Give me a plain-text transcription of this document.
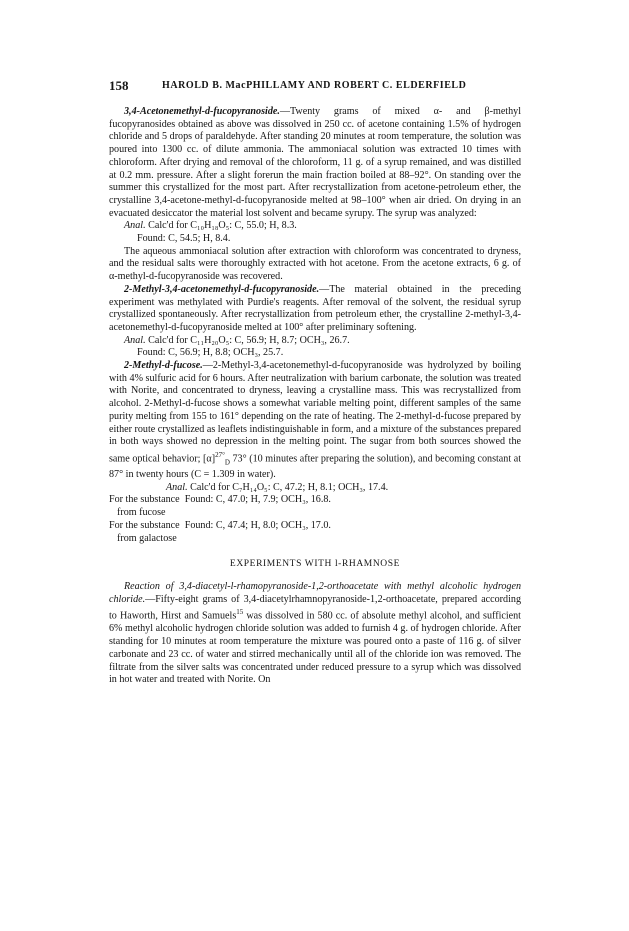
158	HAROLD B. MacPHILLAMY AND ROBERT C. ELDERFIELD

3,4-Acetonemethyl-d-fucopyranoside.—Twenty grams of mixed α- and β-methyl fucopyranosides obtained as above was dissolved in 250 cc. of acetone containing 1.5% of hydrogen chloride and 5 drops of paraldehyde. After standing 20 minutes at room temperature, the solution was poured into 1300 cc. of dilute ammonia. The ammoniacal solution was extracted 10 times with chloroform. After drying and removal of the chloroform, 11 g. of a syrup remained, and was distilled at 0.2 mm. pressure. After a slight forerun the main fraction boiled at 88–92°. On standing over the summer this crystallized for the most part. After recrystallization from acetone-petroleum ether, the crystalline 3,4-acetone-methyl-d-fucopyranoside melted at 98–100° when air dried. On drying in an evacuated desiccator the material lost solvent and became syrupy. The syrup was analyzed:

Anal. Calc'd for C₁₀H₁₈O₅: C, 55.0; H, 8.3.

Found: C, 54.5; H, 8.4.

The aqueous ammoniacal solution after extraction with chloroform was concentrated to dryness, and the residual salts were thoroughly extracted with hot acetone. From the acetone extracts, 6 g. of α-methyl-d-fucopyranoside was recovered.

2-Methyl-3,4-acetonemethyl-d-fucopyranoside.—The material obtained in the preceding experiment was methylated with Purdie's reagents. After removal of the solvent, the residual syrup crystallized spontaneously. After recrystallization from petroleum ether, the crystalline 2-methyl-3,4-acetonemethyl-d-fucopyranoside melted at 100° after preliminary softening.

Anal. Calc'd for C₁₁H₂₀O₅: C, 56.9; H, 8.7; OCH₃, 26.7.

Found: C, 56.9; H, 8.8; OCH₃, 25.7.

2-Methyl-d-fucose.—2-Methyl-3,4-acetonemethyl-d-fucopyranoside was hydrolyzed by boiling with 4% sulfuric acid for 6 hours. After neutralization with barium carbonate, the solution was treated with Norite, and concentrated to dryness, leaving a crystalline mass. This was recrystallized from alcohol. 2-Methyl-d-fucose shows a somewhat variable melting point, different samples of the same purity melting from 155 to 161° depending on the rate of heating. The 2-methyl-d-fucose prepared by either route crystallized as leaflets indistinguishable in form, and a mixture of the substances prepared in both ways showed no depression in the melting point. The sugar from both sources showed the same optical behavior; $[\alpha]^{27^\circ}_D$ 73° (10 minutes after preparing the solution), and becoming constant at 87° in twenty hours (C = 1.309 in water).

Anal. Calc'd for C₇H₁₄O₅: C, 47.2; H, 8.1; OCH₃, 17.4.

For the substance Found: C, 47.0; H, 7.9; OCH₃, 16.8.

from fucose

For the substance Found: C, 47.4; H, 8.0; OCH₃, 17.0.

from galactose

EXPERIMENTS WITH l-RHAMNOSE

Reaction of 3,4-diacetyl-l-rhamopyranoside-1,2-orthoacetate with methyl alcoholic hydrogen chloride.—Fifty-eight grams of 3,4-diacetylrhamnopyranoside-1,2-orthoacetate, prepared according to Haworth, Hirst and Samuels$^{15}$ was dissolved in 580 cc. of absolute methyl alcohol, and sufficient 6% methyl alcoholic hydrogen chloride solution was added to furnish 4 g. of hydrogen chloride. After standing for 10 minutes at room temperature the mixture was poured onto a paste of 116 g. of silver carbonate and 23 cc. of water and stirred mechanically until all of the chloride ion was removed. The filtrate from the silver salts was concentrated under reduced pressure to a syrup which was dissolved in hot water and treated with Norite. On
